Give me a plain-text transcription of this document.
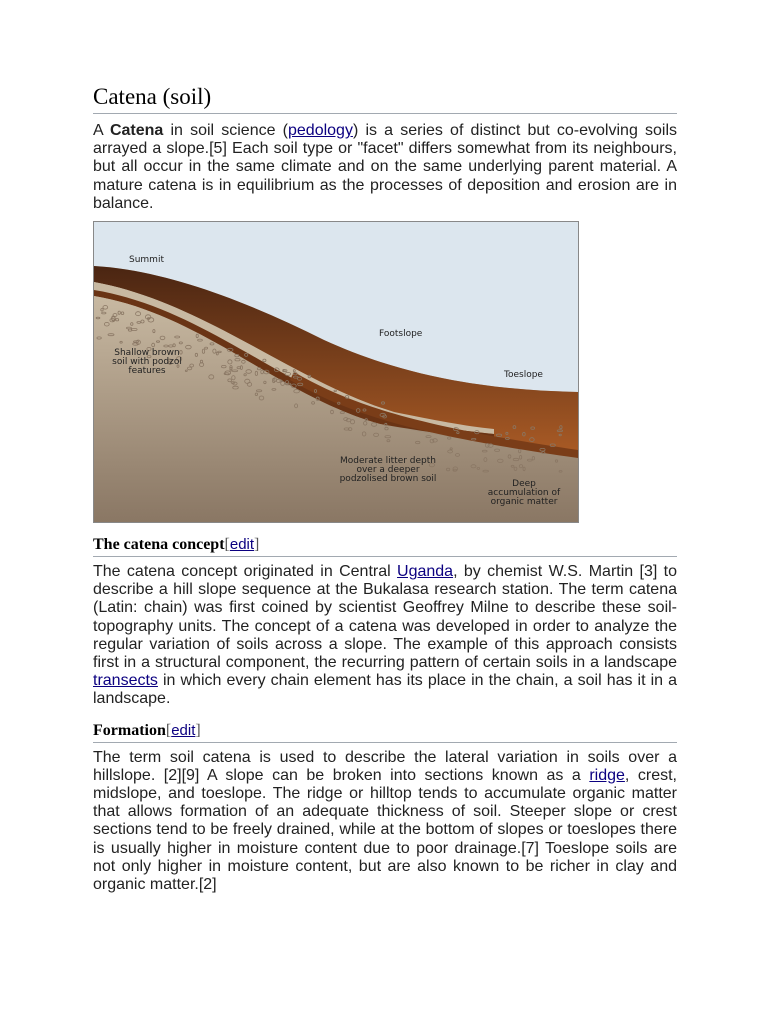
Catena (soil)

A Catena in soil science (pedology) is a series of distinct but co-evolving soils arrayed a slope.[5] Each soil type or "facet" differs somewhat from its neighbours, but all occur in the same climate and on the same underlying parent material. A mature catena is in equilibrium as the processes of deposition and erosion are in balance.

Summit
Footslope
Toeslope
Shallow brown
soil with podzol
features
Moderate litter depth
over a deeper
podzolised brown soil	Deep
accumulation of
organic matter
The catena concept[edit]

The catena concept originated in Central Uganda, by chemist W.S. Martin [3] to describe a hill slope sequence at the Bukalasa research station. The term catena (Latin: chain) was first coined by scientist Geoffrey Milne to describe these soil-topography units. The concept of a catena was developed in order to analyze the regular variation of soils across a slope. The example of this approach consists first in a structural component, the recurring pattern of certain soils in a landscape transects in which every chain element has its place in the chain, a soil has it in a landscape.

Formation[edit]

The term soil catena is used to describe the lateral variation in soils over a hillslope. [2][9] A slope can be broken into sections known as a ridge, crest, midslope, and toeslope. The ridge or hilltop tends to accumulate organic matter that allows formation of an adequate thickness of soil. Steeper slope or crest sections tend to be freely drained, while at the bottom of slopes or toeslopes there is usually higher in moisture content due to poor drainage.[7] Toeslope soils are not only higher in moisture content, but are also known to be richer in clay and organic matter.[2]
